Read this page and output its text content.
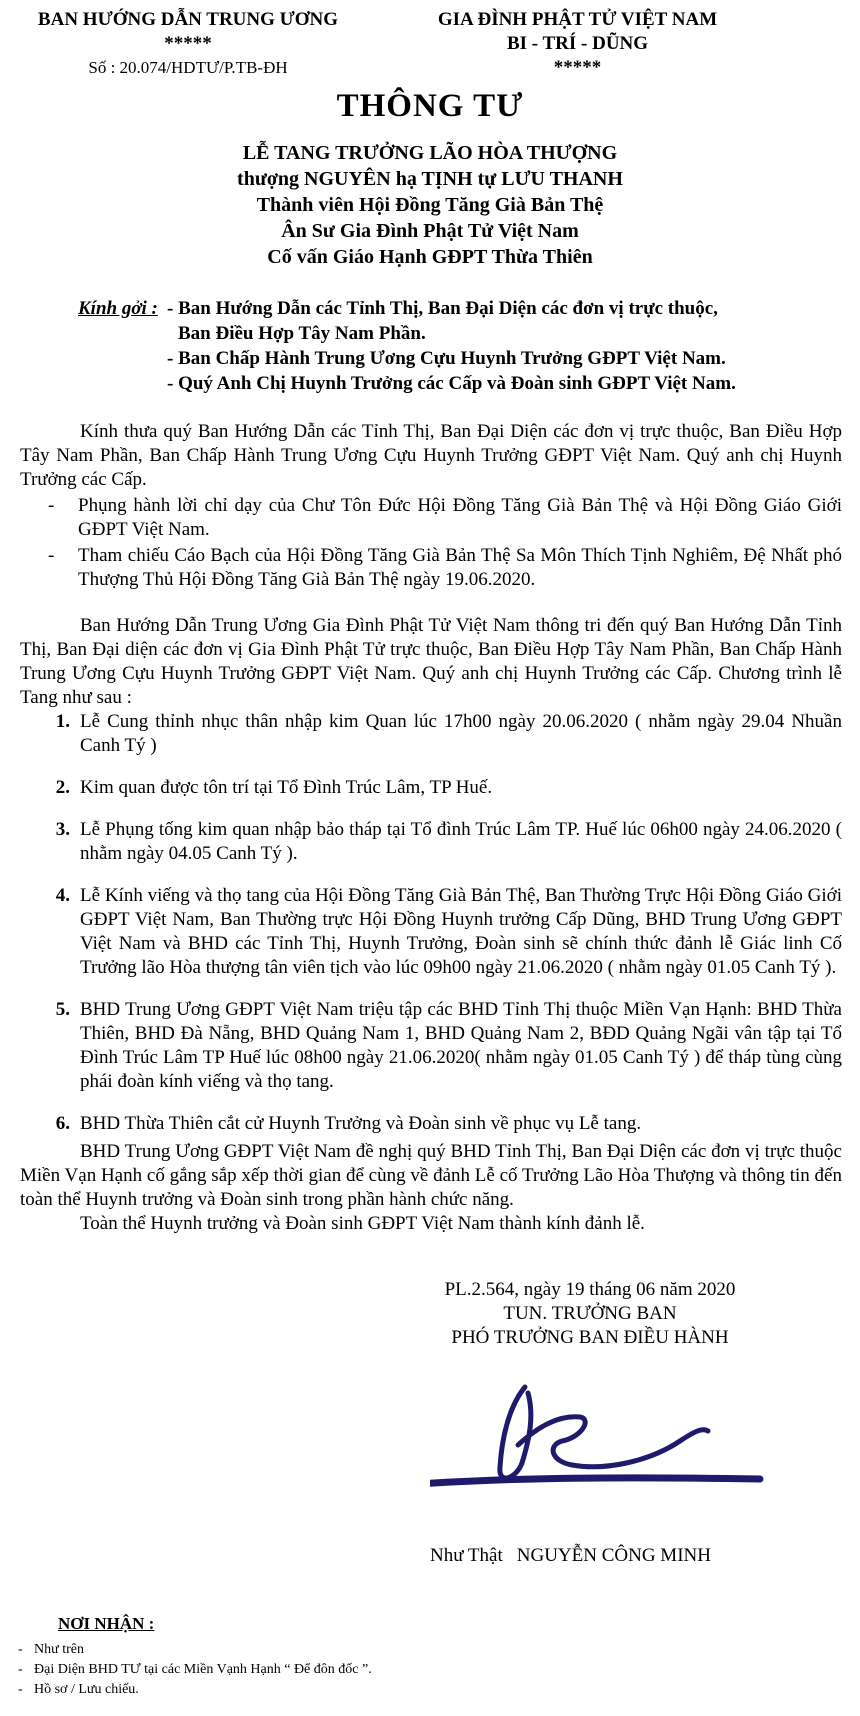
BAN HƯỚNG DẪN TRUNG ƯƠNG
*****
Số : 20.074/HDTƯ/P.TB-ĐH
GIA ĐÌNH PHẬT TỬ VIỆT NAM
BI - TRÍ - DŨNG
*****
THÔNG TƯ
LỄ TANG TRƯỞNG LÃO HÒA THƯỢNG
thượng NGUYÊN hạ TỊNH tự LƯU THANH
Thành viên Hội Đồng Tăng Già Bản Thệ
Ân Sư Gia Đình Phật Tử Việt Nam
Cố vấn Giáo Hạnh GĐPT Thừa Thiên
Kính gởi : - Ban Hướng Dẫn các Tỉnh Thị, Ban Đại Diện các đơn vị trực thuộc,
Ban Điều Hợp Tây Nam Phần.
- Ban Chấp Hành Trung Ương Cựu Huynh Trưởng GĐPT Việt Nam.
- Quý Anh Chị Huynh Trưởng các Cấp và Đoàn sinh GĐPT Việt Nam.

Kính thưa quý Ban Hướng Dẫn các Tỉnh Thị, Ban Đại Diện các đơn vị trực thuộc, Ban Điều Hợp Tây Nam Phần, Ban Chấp Hành Trung Ương Cựu Huynh Trưởng GĐPT Việt Nam. Quý anh chị Huynh Trưởng các Cấp.

-	Phụng hành lời chỉ dạy của Chư Tôn Đức Hội Đồng Tăng Già Bản Thệ và Hội Đồng Giáo Giới GĐPT Việt Nam.
-	Tham chiếu Cáo Bạch của Hội Đồng Tăng Già Bản Thệ Sa Môn Thích Tịnh Nghiêm, Đệ Nhất phó Thượng Thủ Hội Đồng Tăng Già Bản Thệ ngày 19.06.2020.

Ban Hướng Dẫn Trung Ương Gia Đình Phật Tử Việt Nam thông tri đến quý Ban Hướng Dẫn Tỉnh Thị, Ban Đại diện các đơn vị Gia Đình Phật Tử trực thuộc, Ban Điều Hợp Tây Nam Phần, Ban Chấp Hành Trung Ương Cựu Huynh Trưởng GĐPT Việt Nam. Quý anh chị Huynh Trưởng các Cấp. Chương trình lễ Tang như sau :

1. Lễ Cung thỉnh nhục thân nhập kim Quan lúc 17h00 ngày 20.06.2020 ( nhằm ngày 29.04 Nhuần Canh Tý )
2. Kim quan được tôn trí tại Tổ Đình Trúc Lâm, TP Huế.
3. Lễ Phụng tống kim quan nhập bảo tháp tại Tổ đình Trúc Lâm TP. Huế lúc 06h00 ngày 24.06.2020 ( nhằm ngày 04.05 Canh Tý ).
4. Lễ Kính viếng và thọ tang của Hội Đồng Tăng Già Bản Thệ, Ban Thường Trực Hội Đồng Giáo Giới GĐPT Việt Nam, Ban Thường trực Hội Đồng Huynh trưởng Cấp Dũng, BHD Trung Ương GĐPT Việt Nam và BHD các Tỉnh Thị, Huynh Trưởng, Đoàn sinh sẽ chính thức đảnh lễ Giác linh Cố Trưởng lão Hòa thượng tân viên tịch vào lúc 09h00 ngày 21.06.2020 ( nhằm ngày 01.05 Canh Tý ).
5. BHD Trung Ương GĐPT Việt Nam triệu tập các BHD Tỉnh Thị thuộc Miền Vạn Hạnh: BHD Thừa Thiên, BHD Đà Nẵng, BHD Quảng Nam 1, BHD Quảng Nam 2, BĐD Quảng Ngãi vân tập tại Tổ Đình Trúc Lâm TP Huế lúc 08h00 ngày 21.06.2020( nhằm ngày 01.05 Canh Tý ) để tháp tùng cùng phái đoàn kính viếng và thọ tang.
6. BHD Thừa Thiên cắt cử Huynh Trưởng và Đoàn sinh về phục vụ Lễ tang.

BHD Trung Ương GĐPT Việt Nam đề nghị quý BHD Tỉnh Thị, Ban Đại Diện các đơn vị trực thuộc Miền Vạn Hạnh cố gắng sắp xếp thời gian để cùng về đảnh Lễ cố Trưởng Lão Hòa Thượng và thông tin đến toàn thể Huynh trưởng và Đoàn sinh trong phần hành chức năng.

Toàn thể Huynh trưởng và Đoàn sinh GĐPT Việt Nam thành kính đảnh lễ.

PL.2.564, ngày 19 tháng 06 năm 2020
TUN. TRƯỞNG BAN
PHÓ TRƯỞNG BAN ĐIỀU HÀNH
Như Thật NGUYỄN CÔNG MINH
NƠI NHẬN :
- Như trên
- Đại Diện BHD TƯ tại các Miền Vạnh Hạnh “ Để đôn đốc ”.
- Hồ sơ / Lưu chiếu.
